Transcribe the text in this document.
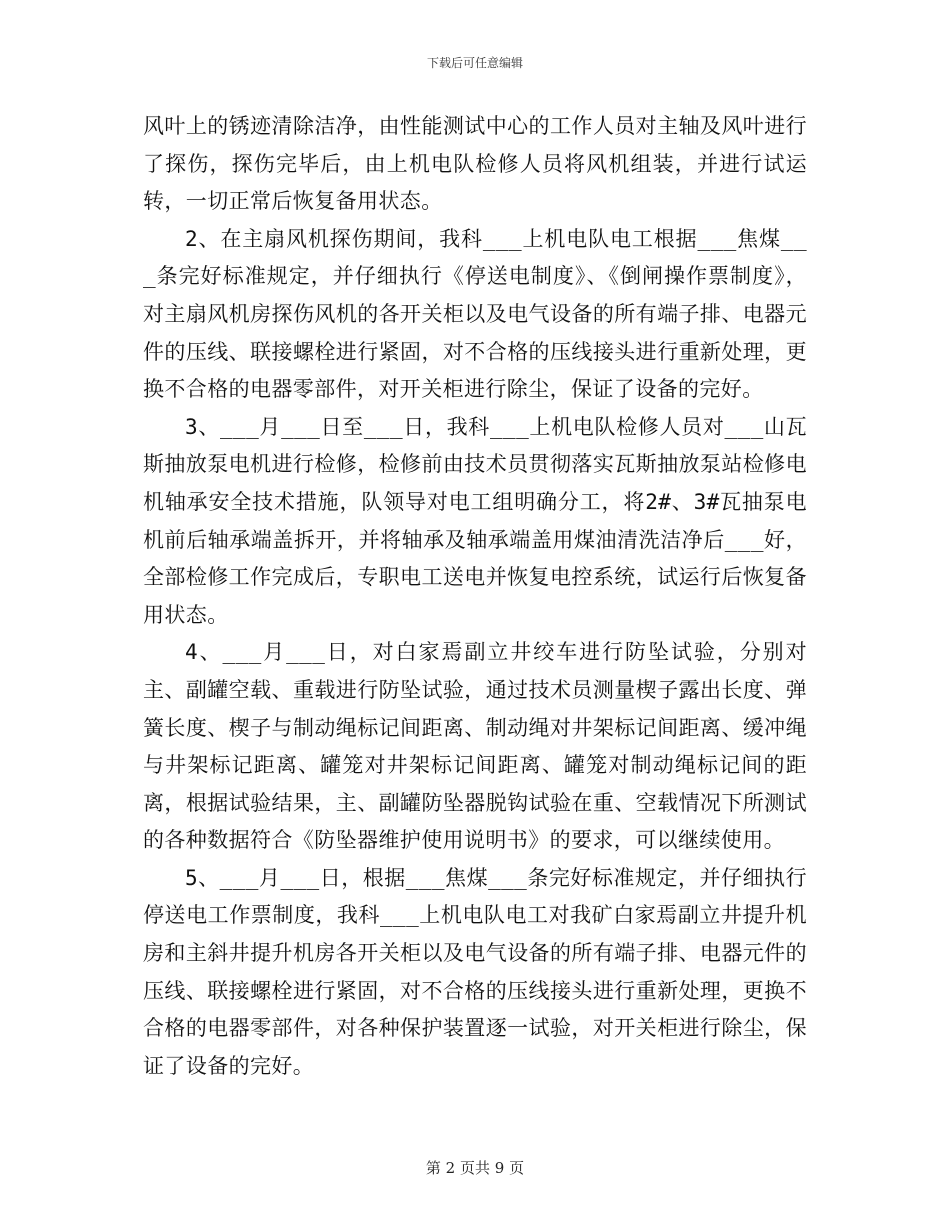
下载后可任意编辑

风叶上的锈迹清除洁净，由性能测试中心的工作人员对主轴及风叶进行了探伤，探伤完毕后，由上机电队检修人员将风机组装，并进行试运转，一切正常后恢复备用状态。

2、在主扇风机探伤期间，我科___上机电队电工根据___焦煤___条完好标准规定，并仔细执行《停送电制度》、《倒闸操作票制度》，对主扇风机房探伤风机的各开关柜以及电气设备的所有端子排、电器元件的压线、联接螺栓进行紧固，对不合格的压线接头进行重新处理，更换不合格的电器零部件，对开关柜进行除尘，保证了设备的完好。

3、___月___日至___日，我科___上机电队检修人员对___山瓦斯抽放泵电机进行检修，检修前由技术员贯彻落实瓦斯抽放泵站检修电机轴承安全技术措施，队领导对电工组明确分工，将2#、3#瓦抽泵电机前后轴承端盖拆开，并将轴承及轴承端盖用煤油清洗洁净后___好，全部检修工作完成后，专职电工送电并恢复电控系统，试运行后恢复备用状态。

4、___月___日，对白家焉副立井绞车进行防坠试验，分别对主、副罐空载、重载进行防坠试验，通过技术员测量楔子露出长度、弹簧长度、楔子与制动绳标记间距离、制动绳对井架标记间距离、缓冲绳与井架标记距离、罐笼对井架标记间距离、罐笼对制动绳标记间的距离，根据试验结果，主、副罐防坠器脱钩试验在重、空载情况下所测试的各种数据符合《防坠器维护使用说明书》的要求，可以继续使用。

5、___月___日，根据___焦煤___条完好标准规定，并仔细执行停送电工作票制度，我科___上机电队电工对我矿白家焉副立井提升机房和主斜井提升机房各开关柜以及电气设备的所有端子排、电器元件的压线、联接螺栓进行紧固，对不合格的压线接头进行重新处理，更换不合格的电器零部件，对各种保护装置逐一试验，对开关柜进行除尘，保证了设备的完好。

第 2 页共 9 页
